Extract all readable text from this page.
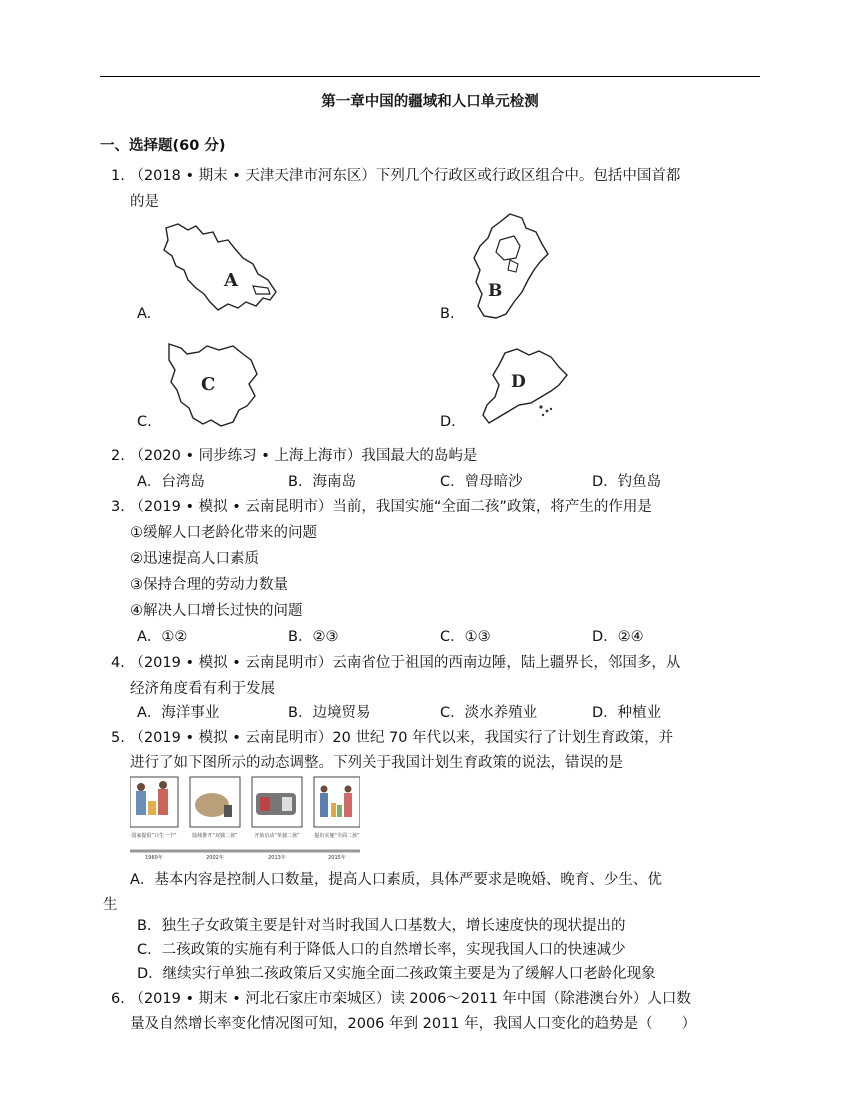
第一章中国的疆域和人口单元检测
一、选择题(60 分)
1. （2018 • 期末 • 天津天津市河东区）下列几个行政区或行政区组合中。包括中国首都
的是
A
A.
B
B.
C
C.
D
D.
2. （2020 • 同步练习 • 上海上海市）我国最大的岛屿是
A．台湾岛	B．海南岛	C．曾母暗沙	D．钓鱼岛
3. （2019 • 模拟 • 云南昆明市）当前，我国实施“全面二孩”政策，将产生的作用是
①缓解人口老龄化带来的问题
②迅速提高人口素质
③保持合理的劳动力数量
④解决人口增长过快的问题
A．①②	B．②③	C．①③	D．②④
4. （2019 • 模拟 • 云南昆明市）云南省位于祖国的西南边陲，陆上疆界长，邻国多，从
经济角度看有利于发展
A．海洋事业	B．边境贸易	C．淡水养殖业	D．种植业
5. （2019 • 模拟 • 云南昆明市）20 世纪 70 年代以来，我国实行了计划生育政策，并
进行了如下图所示的动态调整。下列关于我国计划生育政策的说法，错误的是
国家提倡“只生一个”	陆续推开“双独二孩”	开始启动“单独二孩”	提出实施“全面二孩”
1960年	2002年	2013年	2015年
A．基本内容是控制人口数量，提高人口素质，具体严要求是晚婚、晚育、少生、优
生
B．独生子女政策主要是针对当时我国人口基数大，增长速度快的现状提出的
C．二孩政策的实施有利于降低人口的自然增长率，实现我国人口的快速减少
D．继续实行单独二孩政策后又实施全面二孩政策主要是为了缓解人口老龄化现象
6. （2019 • 期末 • 河北石家庄市栾城区）读 2006～2011 年中国（除港澳台外）人口数
量及自然增长率变化情况图可知，2006 年到 2011 年，我国人口变化的趋势是（　　）
